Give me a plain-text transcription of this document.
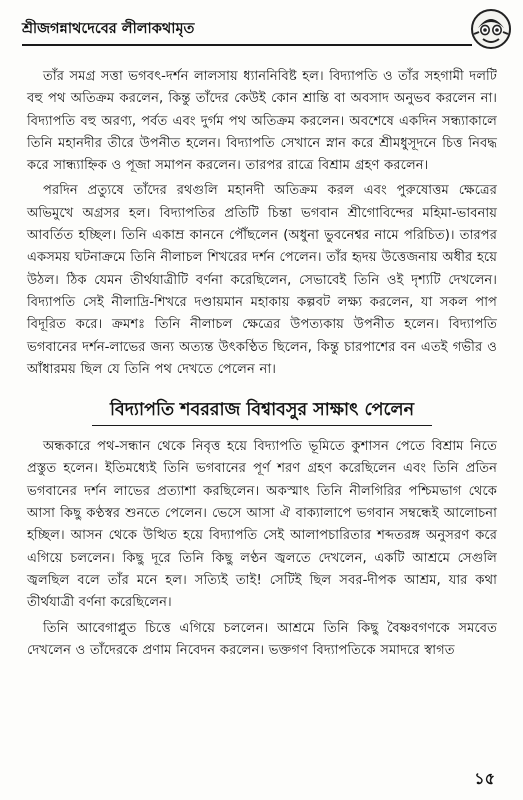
শ্রীজগন্নাথদেবের লীলাকথামৃত

তাঁর সমগ্র সত্তা ভগবৎ-দর্শন লালসায় ধ্যাননিবিষ্ট হল। বিদ্যাপতি ও তাঁর সহগামী দলটি বহু পথ অতিক্রম করলেন, কিন্তু তাঁদের কেউই কোন শ্রান্তি বা অবসাদ অনুভব করলেন না। বিদ্যাপতি বহু অরণ্য, পর্বত এবং দুর্গম পথ অতিক্রম করলেন। অবশেষে একদিন সন্ধ্যাকালে তিনি মহানদীর তীরে উপনীত হলেন। বিদ্যাপতি সেখানে স্নান করে শ্রীমধুসূদনে চিত্ত নিবদ্ধ করে সান্ধ্যাহ্নিক ও পূজা সমাপন করলেন। তারপর রাত্রে বিশ্রাম গ্রহণ করলেন।

পরদিন প্রত্যুষে তাঁদের রথগুলি মহানদী অতিক্রম করল এবং পুরুষোত্তম ক্ষেত্রের অভিমুখে অগ্রসর হল। বিদ্যাপতির প্রতিটি চিন্তা ভগবান শ্রীগোবিন্দের মহিমা-ভাবনায় আবর্তিত হচ্ছিল। তিনি একাম্র কাননে পৌঁছলেন (অধুনা ভুবনেশ্বর নামে পরিচিত)। তারপর একসময় ঘটনাক্রমে তিনি নীলাচল শিখরের দর্শন পেলেন। তাঁর হৃদয় উত্তেজনায় অধীর হয়ে উঠল। ঠিক যেমন তীর্থযাত্রীটি বর্ণনা করেছিলেন, সেভাবেই তিনি ওই দৃশ্যটি দেখলেন। বিদ্যাপতি সেই নীলাদ্রি-শিখরে দণ্ডায়মান মহাকায় কল্পবট লক্ষ্য করলেন, যা সকল পাপ বিদূরিত করে। ক্রমশঃ তিনি নীলাচল ক্ষেত্রের উপত্যকায় উপনীত হলেন। বিদ্যাপতি ভগবানের দর্শন-লাভের জন্য অত্যন্ত উৎকণ্ঠিত ছিলেন, কিন্তু চারপাশের বন এতই গভীর ও আঁধারময় ছিল যে তিনি পথ দেখতে পেলেন না।

বিদ্যাপতি শবররাজ বিশ্বাবসুর সাক্ষাৎ পেলেন

অন্ধকারে পথ-সন্ধান থেকে নিবৃত্ত হয়ে বিদ্যাপতি ভূমিতে কুশাসন পেতে বিশ্রাম নিতে প্রস্তুত হলেন। ইতিমধ্যেই তিনি ভগবানের পূর্ণ শরণ গ্রহণ করেছিলেন এবং তিনি প্রতিন ভগবানের দর্শন লাভের প্রত্যাশা করছিলেন। অকস্মাৎ তিনি নীলগিরির পশ্চিমভাগ থেকে আসা কিছু কণ্ঠস্বর শুনতে পেলেন। ভেসে আসা ঐ বাক্যালাপে ভগবান সম্বন্ধেই আলোচনা হচ্ছিল। আসন থেকে উত্থিত হয়ে বিদ্যাপতি সেই আলাপচারিতার শব্দতরঙ্গ অনুসরণ করে এগিয়ে চললেন। কিছু দূরে তিনি কিছু লণ্ঠন জ্বলতে দেখলেন, একটি আশ্রমে সেগুলি জ্বলছিল বলে তাঁর মনে হল। সত্যিই তাই! সেটিই ছিল সবর-দীপক আশ্রম, যার কথা তীর্থযাত্রী বর্ণনা করেছিলেন।

তিনি আবেগাপ্লুত চিত্তে এগিয়ে চললেন। আশ্রমে তিনি কিছু বৈষ্ণবগণকে সমবেত দেখলেন ও তাঁদেরকে প্রণাম নিবেদন করলেন। ভক্তগণ বিদ্যাপতিকে সমাদরে স্বাগত

১৫
